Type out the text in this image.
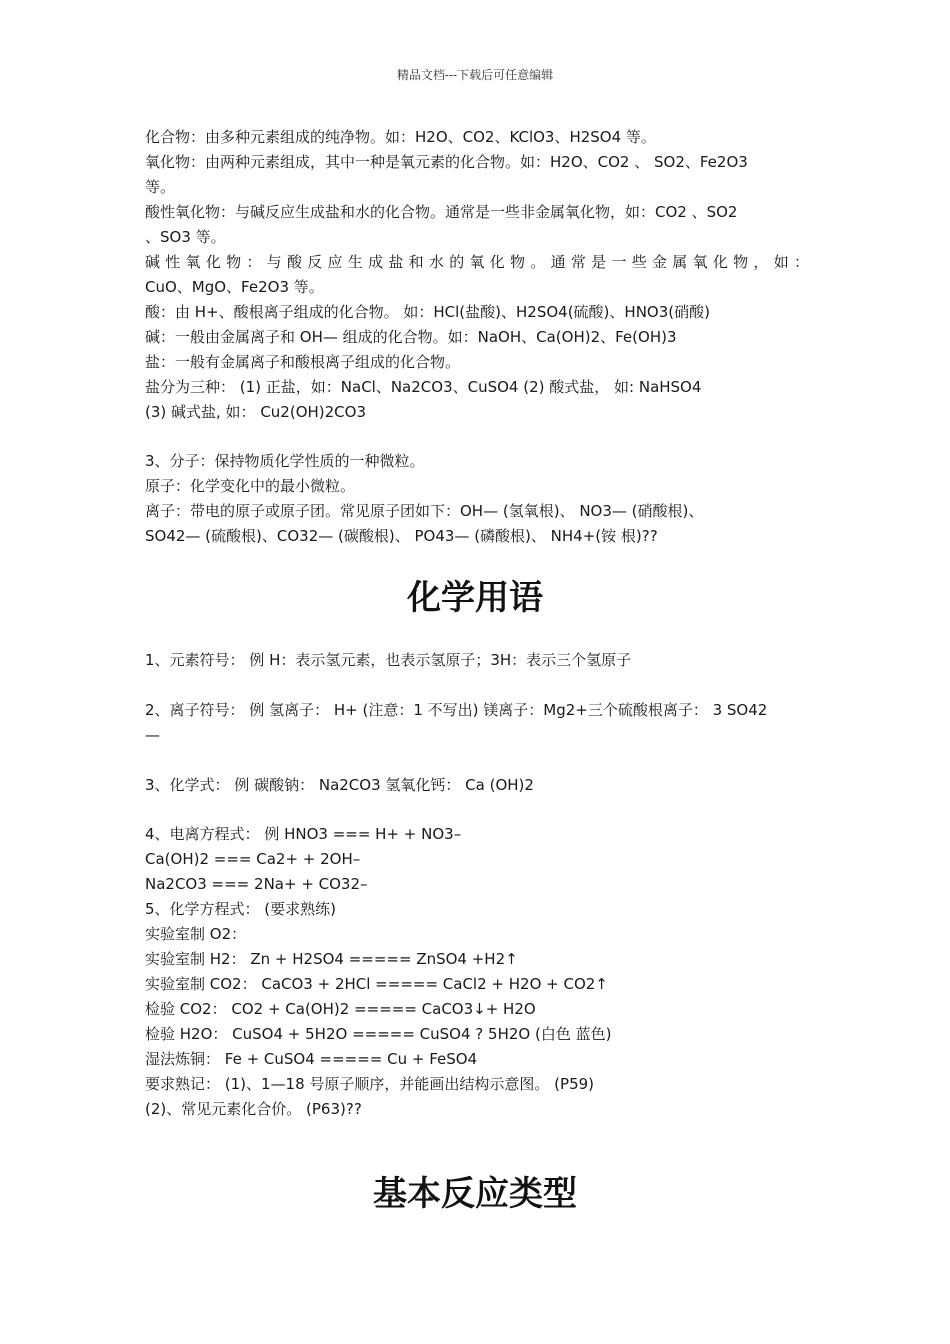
精品文档---下载后可任意编辑
化合物：由多种元素组成的纯净物。如：H2O、CO2、KClO3、H2SO4 等。
氧化物：由两种元素组成，其中一种是氧元素的化合物。如：H2O、CO2 、 SO2、Fe2O3
等。
酸性氧化物：与碱反应生成盐和水的化合物。通常是一些非金属氧化物，如：CO2 、SO2
、SO3 等。
碱性氧化物：与酸反应生成盐和水的氧化物。通常是一些金属氧化物，如：
CuO、MgO、Fe2O3 等。
酸：由 H+、酸根离子组成的化合物。 如：HCl(盐酸)、H2SO4(硫酸)、HNO3(硝酸)
碱：一般由金属离子和 OH— 组成的化合物。如：NaOH、Ca(OH)2、Fe(OH)3
盐：一般有金属离子和酸根离子组成的化合物。
盐分为三种： (1) 正盐，如：NaCl、Na2CO3、CuSO4 (2) 酸式盐， 如: NaHSO4
(3) 碱式盐, 如： Cu2(OH)2CO3
3、分子：保持物质化学性质的一种微粒。
原子：化学变化中的最小微粒。
离子：带电的原子或原子团。常见原子团如下：OH— (氢氧根)、 NO3— (硝酸根)、
SO42— (硫酸根)、CO32— (碳酸根)、 PO43— (磷酸根)、 NH4+(铵 根)??
化学用语
1、元素符号： 例 H：表示氢元素，也表示氢原子；3H：表示三个氢原子
2、离子符号： 例 氢离子： H+ (注意：1 不写出) 镁离子：Mg2+三个硫酸根离子： 3 SO42
—
3、化学式： 例 碳酸钠： Na2CO3 氢氧化钙： Ca (OH)2
4、电离方程式： 例 HNO3 === H+ + NO3–
Ca(OH)2 === Ca2+ + 2OH–
Na2CO3 === 2Na+ + CO32–
5、化学方程式： (要求熟练)
实验室制 O2：
实验室制 H2： Zn + H2SO4 ===== ZnSO4 +H2↑
实验室制 CO2： CaCO3 + 2HCl ===== CaCl2 + H2O + CO2↑
检验 CO2： CO2 + Ca(OH)2 ===== CaCO3↓+ H2O
检验 H2O： CuSO4 + 5H2O ===== CuSO4 ? 5H2O (白色 蓝色)
湿法炼铜： Fe + CuSO4 ===== Cu + FeSO4
要求熟记： (1)、1—18 号原子顺序，并能画出结构示意图。 (P59)
(2)、常见元素化合价。 (P63)??
基本反应类型
